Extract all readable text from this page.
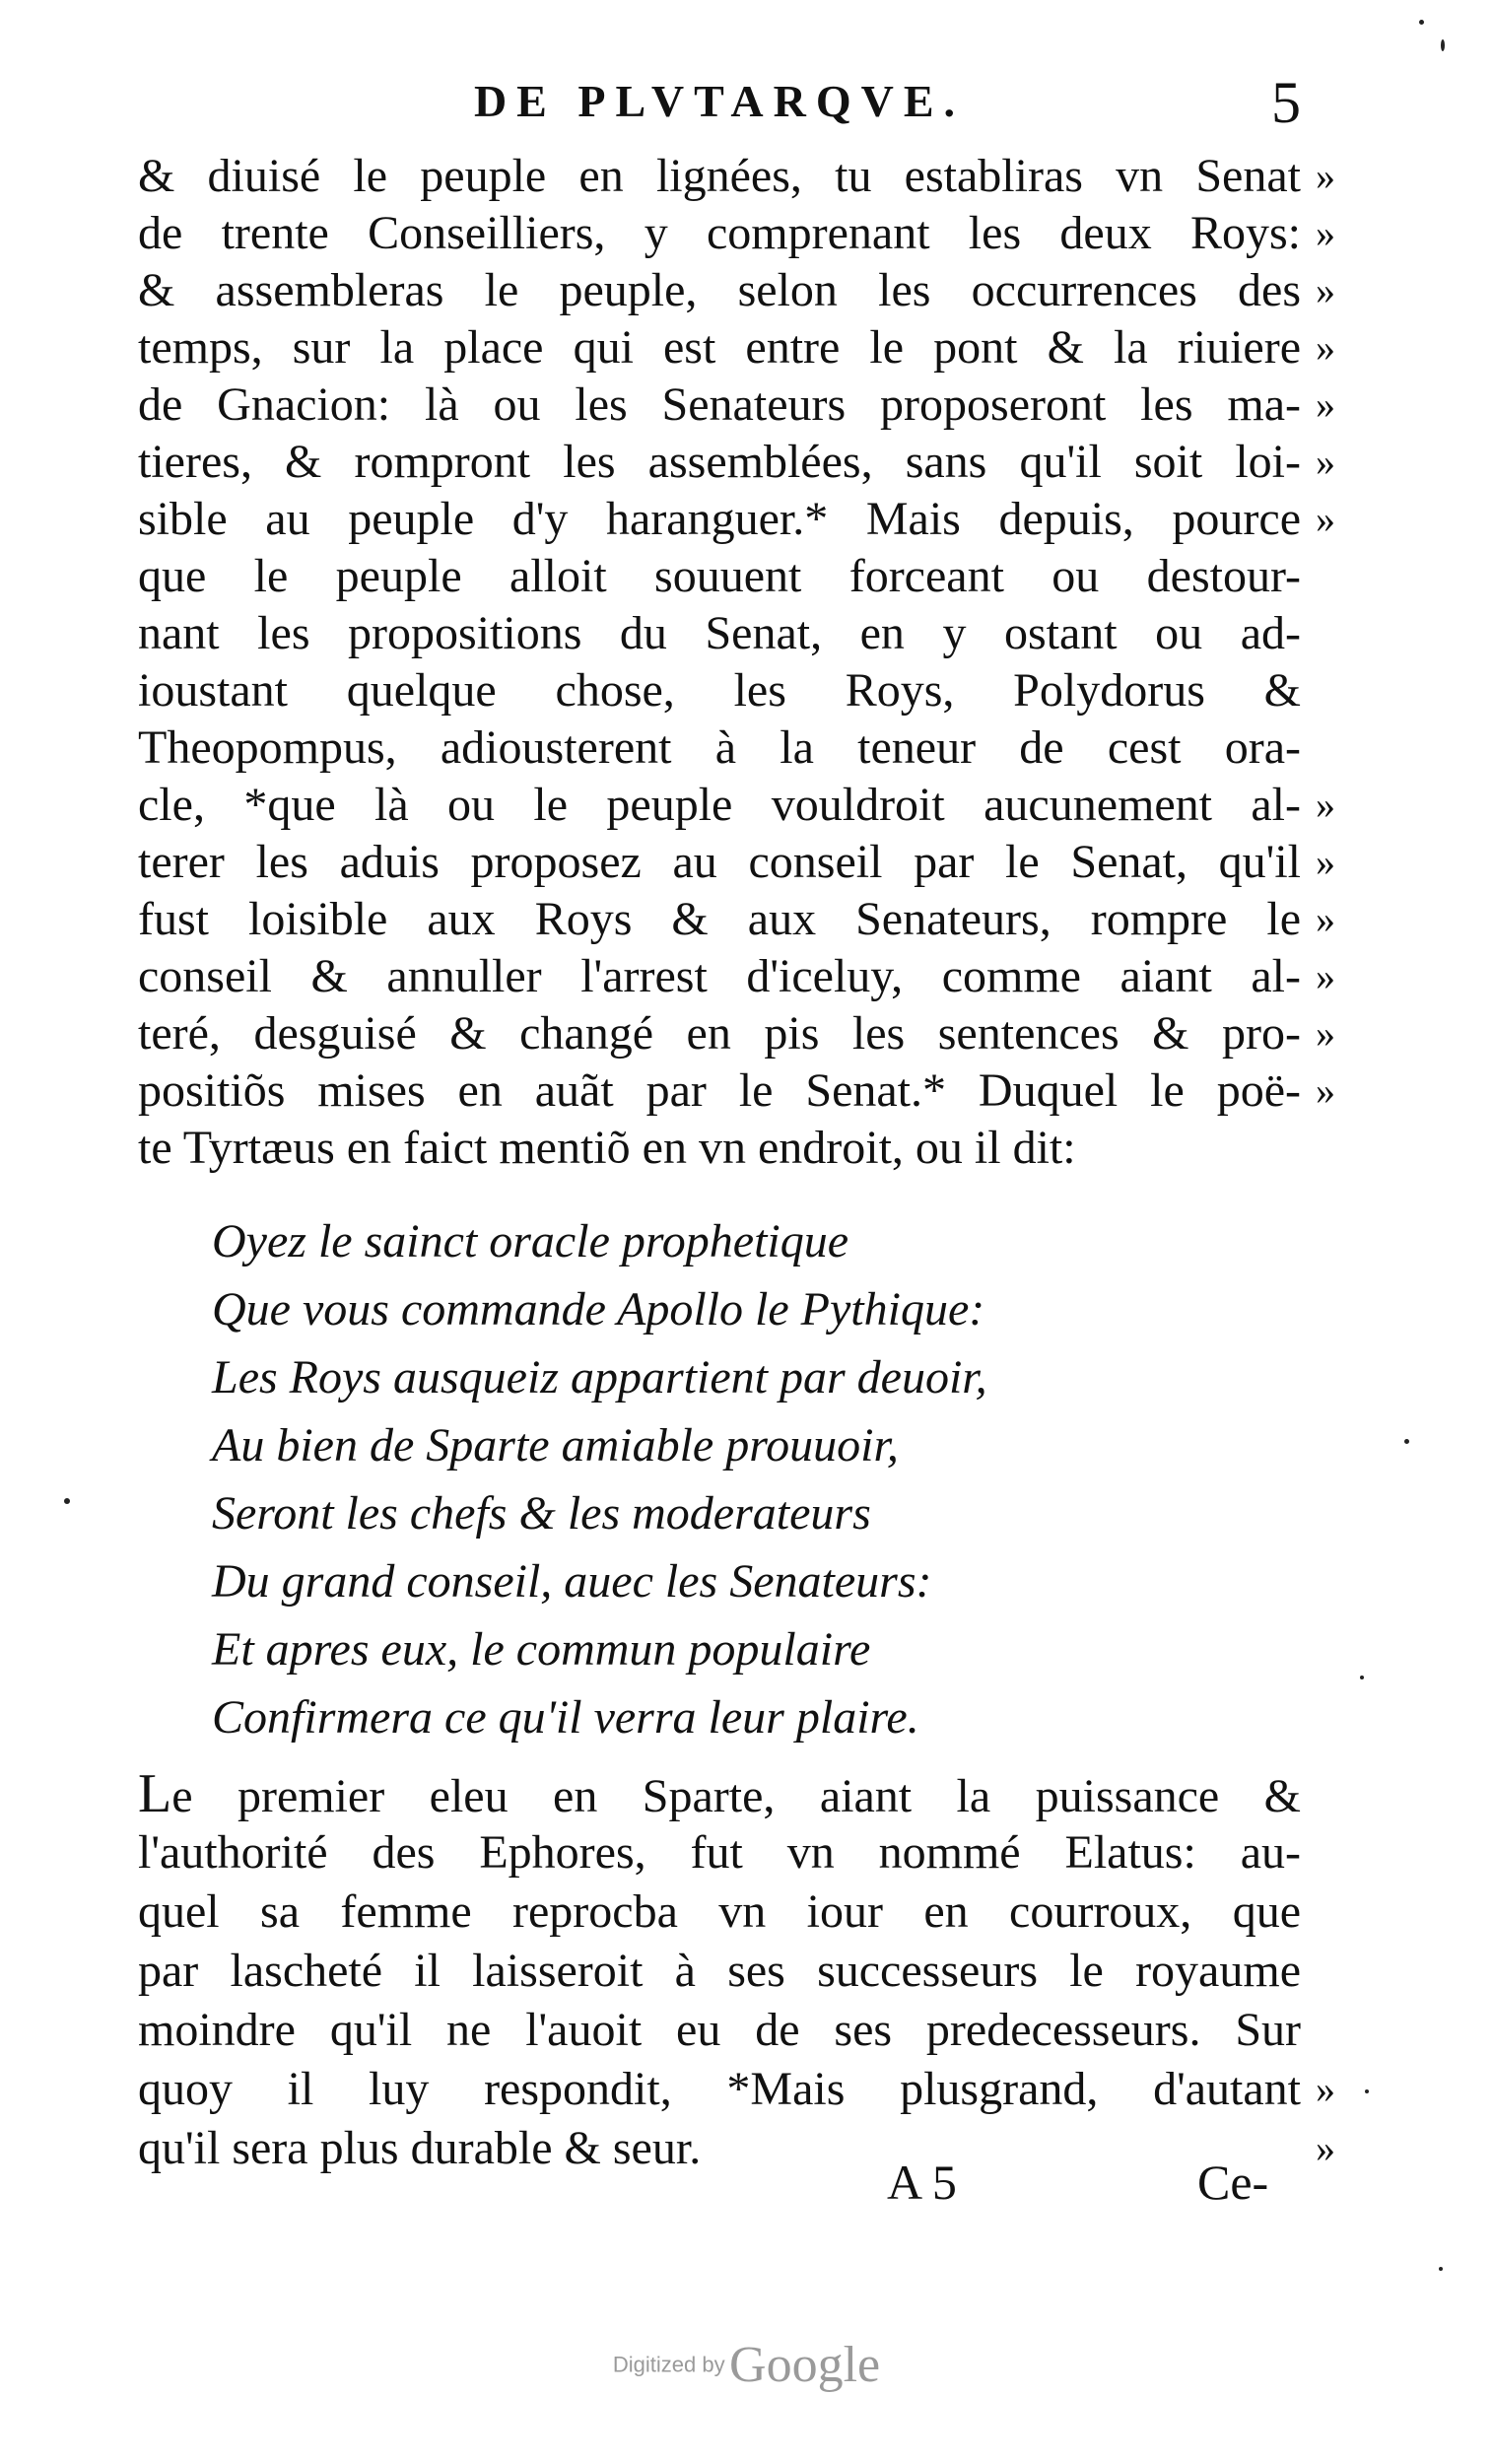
DE PLVTARQVE.	5
& diuisé le peuple en lignées, tu establiras vn Senat »
de trente Conseilliers, y comprenant les deux Roys: »
& assembleras le peuple, selon les occurrences des »
temps, sur la place qui est entre le pont & la riuiere »
de Gnacion: là ou les Senateurs proposeront les ma- »
tieres, & rompront les assemblées, sans qu'il soit loi- »
sible au peuple d'y haranguer.* Mais depuis, pource »
que le peuple alloit souuent forceant ou destour-
nant les propositions du Senat, en y ostant ou ad-
ioustant quelque chose, les Roys, Polydorus &
Theopompus, adiousterent à la teneur de cest ora-
cle, *que là ou le peuple vouldroit aucunement al- »
terer les aduis proposez au conseil par le Senat, qu'il »
fust loisible aux Roys & aux Senateurs, rompre le »
conseil & annuller l'arrest d'iceluy, comme aiant al- »
teré, desguisé & changé en pis les sentences & pro- »
positiõs mises en auãt par le Senat.* Duquel le poë- »
te Tyrtæus en faict mentiõ en vn endroit, ou il dit:
Oyez le sainct oracle prophetique
Que vous commande Apollo le Pythique:
Les Roys ausqueiz appartient par deuoir,
Au bien de Sparte amiable prouuoir,
Seront les chefs & les moderateurs
Du grand conseil, auec les Senateurs:
Et apres eux, le commun populaire
Confirmera ce qu'il verra leur plaire.
Le premier eleu en Sparte, aiant la puissance &
l'authorité des Ephores, fut vn nommé Elatus: au-
quel sa femme reprocba vn iour en courroux, que
par lascheté il laisseroit à ses successeurs le royaume
moindre qu'il ne l'auoit eu de ses predecesseurs. Sur
quoy il luy respondit, *Mais plusgrand, d'autant »
qu'il sera plus durable & seur.	»
A 5	Ce-
Digitized by Google
